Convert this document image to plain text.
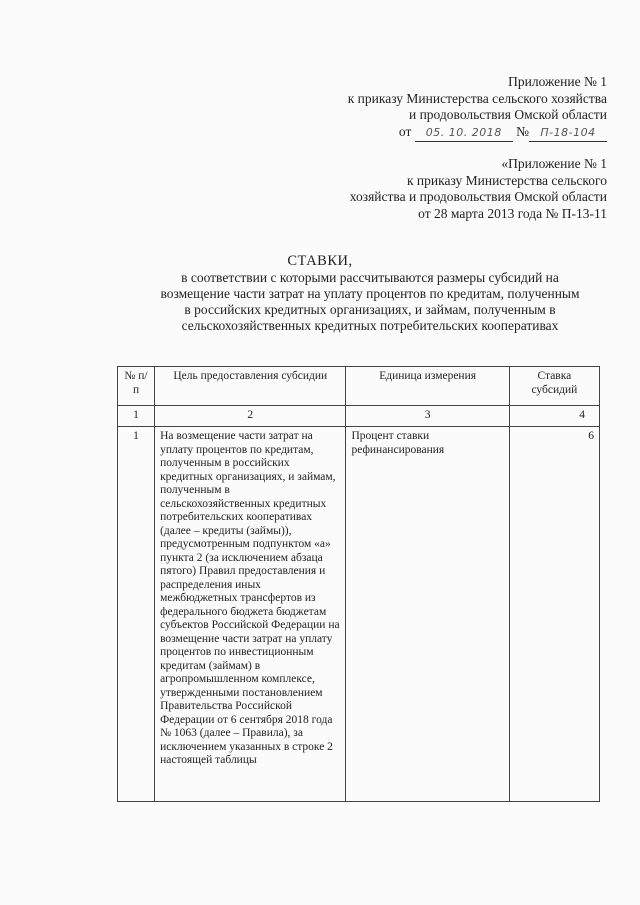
Приложение № 1
к приказу Министерства сельского хозяйства
и продовольствия Омской области
от 05. 10. 2018 № П-18-104
«Приложение № 1
к приказу Министерства сельского
хозяйства и продовольствия Омской области
от 28 марта 2013 года № П-13-11
СТАВКИ,
в соответствии с которыми рассчитываются размеры субсидий на возмещение части затрат на уплату процентов по кредитам, полученным в российских кредитных организациях, и займам, полученным в сельскохозяйственных кредитных потребительских кооперативах
№ п/п	Цель предоставления субсидии	Единица измерения	Ставка субсидий
1	2	3	4
1	На возмещение части затрат на уплату процентов по кредитам, полученным в российских кредитных организациях, и займам, полученным в сельскохозяйственных кредитных потребительских кооперативах (далее – кредиты (займы)), предусмотренным подпунктом «а» пункта 2 (за исключением абзаца пятого) Правил предоставления и распределения иных межбюджетных трансфертов из федерального бюджета бюджетам субъектов Российской Федерации на возмещение части затрат на уплату процентов по инвестиционным кредитам (займам) в агропромышленном комплексе, утвержденными постановлением Правительства Российской Федерации от 6 сентября 2018 года № 1063 (далее – Правила), за исключением указанных в строке 2 настоящей таблицы	Процент ставки рефинансирования	6
